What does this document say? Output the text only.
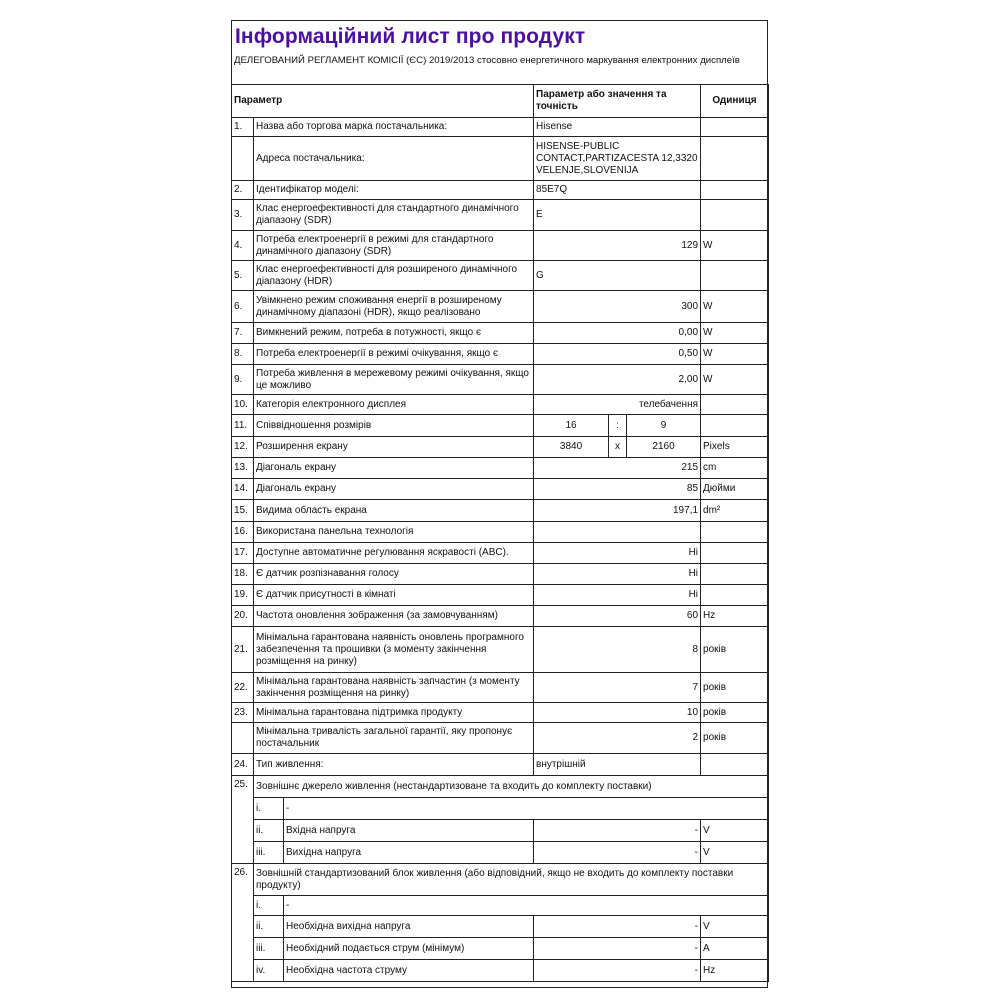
Інформаційний лист про продукт
ДЕЛЕГОВАНИЙ РЕГЛАМЕНТ КОМІСІЇ (ЄС) 2019/2013 стосовно енергетичного маркування електронних дисплеїв
Параметр			Параметр або значення та точність			Одиниця
1.	Назва або торгова марка постачальника:		Hisense			
	Адреса постачальника:		HISENSE-PUBLIC CONTACT,PARTIZACESTA 12,3320 VELENJE,SLOVENIJA			
2.	Ідентифікатор моделі:		85E7Q			
3.	Клас енергоефективності для стандартного динамічного діапазону (SDR)		E			
4.	Потреба електроенергії в режимі для стандартного динамічного діапазону (SDR)		129			W
5.	Клас енергоефективності для розширеного динамічного діапазону (HDR)		G			
6.	Увімкнено режим споживання енергії в розширеному динамічному діапазоні (HDR), якщо реалізовано		300			W
7.	Вимкнений режим, потреба в потужності, якщо є		0,00			W
8.	Потреба електроенергії в режимі очікування, якщо є		0,50			W
9.	Потреба живлення в мережевому режимі очікування, якщо це можливо		2,00			W
10.	Категорія електронного дисплея		телебачення			
11.	Співвідношення розмірів		16	:	9	
12.	Розширення екрану		3840	x	2160	Pixels
13.	Діагональ екрану		215			cm
14.	Діагональ екрану		85			Дюйми
15.	Видима область екрана		197,1			dm²
16.	Використана панельна технологія					
17.	Доступне автоматичне регулювання яскравості (ABC).		Ні			
18.	Є датчик розпізнавання голосу		Ні			
19.	Є датчик присутності в кімнаті		Ні			
20.	Частота оновлення зображення (за замовчуванням)		60			Hz
21.	Мінімальна гарантована наявність оновлень програмного забезпечення та прошивки (з моменту закінчення розміщення на ринку)		8			років
22.	Мінімальна гарантована наявність запчастин (з моменту закінчення розміщення на ринку)		7			років
23.	Мінімальна гарантована підтримка продукту		10			років
	Мінімальна тривалість загальної гарантії, яку пропонує постачальник		2			років
24.	Тип живлення:		внутрішній			
25.	Зовнішнє джерело живлення (нестандартизоване та входить до комплекту поставки)					
	i.	-				
	ii.	Вхідна напруга	-			V
	iii.	Вихідна напруга	-			V
26.	Зовнішній стандартизований блок живлення (або відповідний, якщо не входить до комплекту поставки продукту)					
	i.	-				
	ii.	Необхідна вихідна напруга	-			V
	iii.	Необхідний подається струм (мінімум)	-			A
	iv.	Необхідна частота струму	-			Hz
